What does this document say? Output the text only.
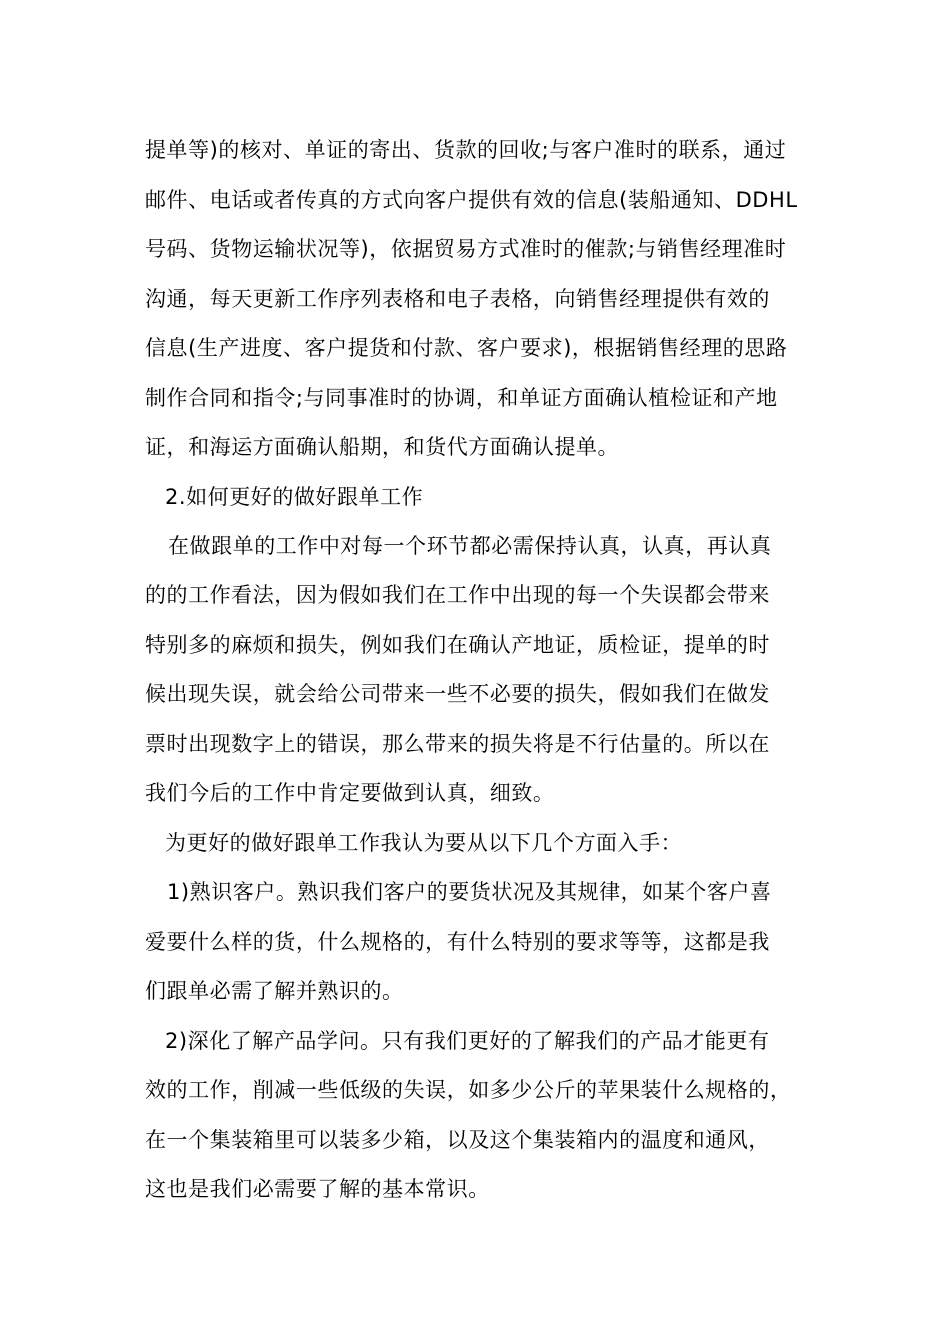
提单等)的核对、单证的寄出、货款的回收;与客户准时的联系，通过
邮件、电话或者传真的方式向客户提供有效的信息(装船通知、DDHL
号码、货物运输状况等)，依据贸易方式准时的催款;与销售经理准时
沟通，每天更新工作序列表格和电子表格，向销售经理提供有效的
信息(生产进度、客户提货和付款、客户要求)，根据销售经理的思路
制作合同和指令;与同事准时的协调，和单证方面确认植检证和产地
证，和海运方面确认船期，和货代方面确认提单。
2.如何更好的做好跟单工作
在做跟单的工作中对每一个环节都必需保持认真，认真，再认真
的的工作看法，因为假如我们在工作中出现的每一个失误都会带来
特别多的麻烦和损失，例如我们在确认产地证，质检证，提单的时
候出现失误，就会给公司带来一些不必要的损失，假如我们在做发
票时出现数字上的错误，那么带来的损失将是不行估量的。所以在
我们今后的工作中肯定要做到认真，细致。
为更好的做好跟单工作我认为要从以下几个方面入手：
1)熟识客户。熟识我们客户的要货状况及其规律，如某个客户喜
爱要什么样的货，什么规格的，有什么特别的要求等等，这都是我
们跟单必需了解并熟识的。
2)深化了解产品学问。只有我们更好的了解我们的产品才能更有
效的工作，削减一些低级的失误，如多少公斤的苹果装什么规格的，
在一个集装箱里可以装多少箱，以及这个集装箱内的温度和通风，
这也是我们必需要了解的基本常识。
